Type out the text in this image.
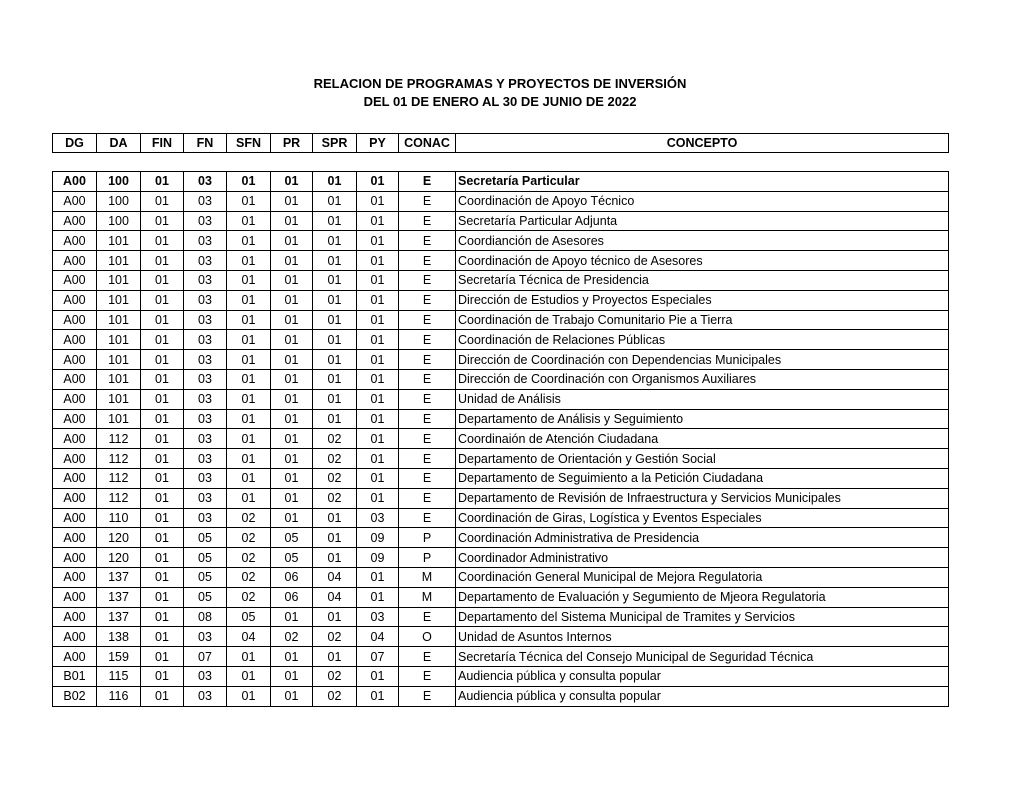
RELACION DE PROGRAMAS Y PROYECTOS DE INVERSIÓN
DEL 01 DE ENERO AL 30 DE JUNIO DE 2022
DG	DA	FIN	FN	SFN	PR	SPR	PY	CONAC	CONCEPTO
A00	100	01	03	01	01	01	01	E	Secretaría Particular
A00	100	01	03	01	01	01	01	E	Coordinación de Apoyo Técnico
A00	100	01	03	01	01	01	01	E	Secretaría Particular Adjunta
A00	101	01	03	01	01	01	01	E	Coordianción de Asesores
A00	101	01	03	01	01	01	01	E	Coordinación de Apoyo técnico de Asesores
A00	101	01	03	01	01	01	01	E	Secretaría Técnica de Presidencia
A00	101	01	03	01	01	01	01	E	Dirección de Estudios y Proyectos Especiales
A00	101	01	03	01	01	01	01	E	Coordinación de Trabajo Comunitario Pie a Tierra
A00	101	01	03	01	01	01	01	E	Coordinación de Relaciones Públicas
A00	101	01	03	01	01	01	01	E	Dirección de Coordinación con Dependencias Municipales
A00	101	01	03	01	01	01	01	E	Dirección de Coordinación con Organismos Auxiliares
A00	101	01	03	01	01	01	01	E	Unidad de Análisis
A00	101	01	03	01	01	01	01	E	Departamento de Análisis y Seguimiento
A00	112	01	03	01	01	02	01	E	Coordinaión de Atención Ciudadana
A00	112	01	03	01	01	02	01	E	Departamento de Orientación y Gestión Social
A00	112	01	03	01	01	02	01	E	Departamento de Seguimiento a la Petición Ciudadana
A00	112	01	03	01	01	02	01	E	Departamento de Revisión de Infraestructura y Servicios Municipales
A00	110	01	03	02	01	01	03	E	Coordinación de Giras, Logística y Eventos Especiales
A00	120	01	05	02	05	01	09	P	Coordinación Administrativa de Presidencia
A00	120	01	05	02	05	01	09	P	Coordinador Administrativo
A00	137	01	05	02	06	04	01	M	Coordinación General Municipal de Mejora Regulatoria
A00	137	01	05	02	06	04	01	M	Departamento de Evaluación y Segumiento de Mjeora Regulatoria
A00	137	01	08	05	01	01	03	E	Departamento del Sistema Municipal de Tramites y Servicios
A00	138	01	03	04	02	02	04	O	Unidad de Asuntos Internos
A00	159	01	07	01	01	01	07	E	Secretaría Técnica del Consejo Municipal de Seguridad Técnica
B01	115	01	03	01	01	02	01	E	Audiencia pública y consulta popular
B02	116	01	03	01	01	02	01	E	Audiencia pública y consulta popular
